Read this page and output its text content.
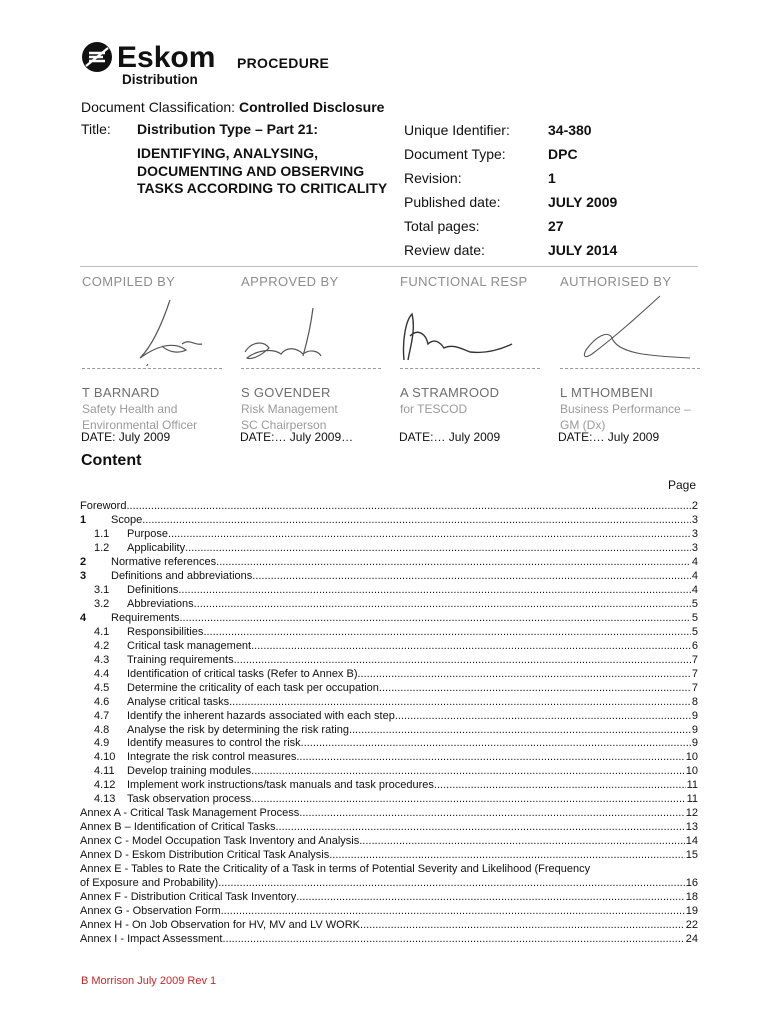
Eskom
Distribution
PROCEDURE
Document Classification: Controlled Disclosure
Title: Distribution Type – Part 21:
IDENTIFYING, ANALYSING, DOCUMENTING AND OBSERVING TASKS ACCORDING TO CRITICALITY
Unique Identifier:	34-380
Document Type:	DPC
Revision:	1
Published date:	JULY 2009
Total pages:	27
Review date:	JULY 2014
COMPILED BY
T BARNARD
Safety Health and
Environmental Officer
DATE: July 2009
APPROVED BY
S GOVENDER
Risk Management
SC Chairperson
DATE:… July 2009…
FUNCTIONAL RESP
A STRAMROOD
for TESCOD
DATE:… July 2009
AUTHORISED BY
L MTHOMBENI
Business Performance –
GM (Dx)
DATE:… July 2009
Content
Page
Foreword .....	2
1	Scope .....	3
1.1	Purpose .....	3
1.2	Applicability .....	3
2	Normative references .....	4
3	Definitions and abbreviations .....	4
3.1	Definitions .....	4
3.2	Abbreviations .....	5
4	Requirements .....	5
4.1	Responsibilities .....	5
4.2	Critical task management .....	6
4.3	Training requirements .....	7
4.4	Identification of critical tasks (Refer to Annex B) .....	7
4.5	Determine the criticality of each task per occupation .....	7
4.6	Analyse critical tasks .....	8
4.7	Identify the inherent hazards associated with each step .....	9
4.8	Analyse the risk by determining the risk rating .....	9
4.9	Identify measures to control the risk .....	9
4.10	Integrate the risk control measures .....	10
4.11	Develop training modules .....	10
4.12	Implement work instructions/task manuals and task procedures .....	11
4.13	Task observation process .....	11
Annex A - Critical Task Management Process .....	12
Annex B – Identification of Critical Tasks .....	13
Annex C - Model Occupation Task Inventory and Analysis .....	14
Annex D - Eskom Distribution Critical Task Analysis .....	15
Annex E - Tables to Rate the Criticality of a Task in terms of Potential Severity and Likelihood (Frequency
of Exposure and Probability) .....	16
Annex F - Distribution Critical Task Inventory .....	18
Annex G - Observation Form .....	19
Annex H - On Job Observation for HV, MV and LV WORK .....	22
Annex I - Impact Assessment .....	24
B Morrison July 2009 Rev 1
